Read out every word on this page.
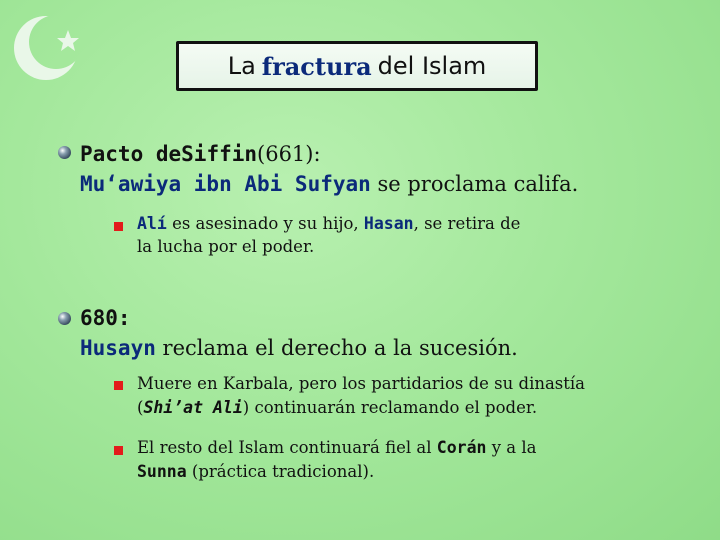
La fractura del Islam
Pacto deSiffin(661):
Mu‘awiya ibn Abi Sufyan se proclama califa.
Alí es asesinado y su hijo, Hasan, se retira de
la lucha por el poder.
680:
Husayn reclama el derecho a la sucesión.
Muere en Karbala, pero los partidarios de su dinastía
(Shi’at Ali) continuarán reclamando el poder.
El resto del Islam continuará fiel al Corán y a la
Sunna (práctica tradicional).
